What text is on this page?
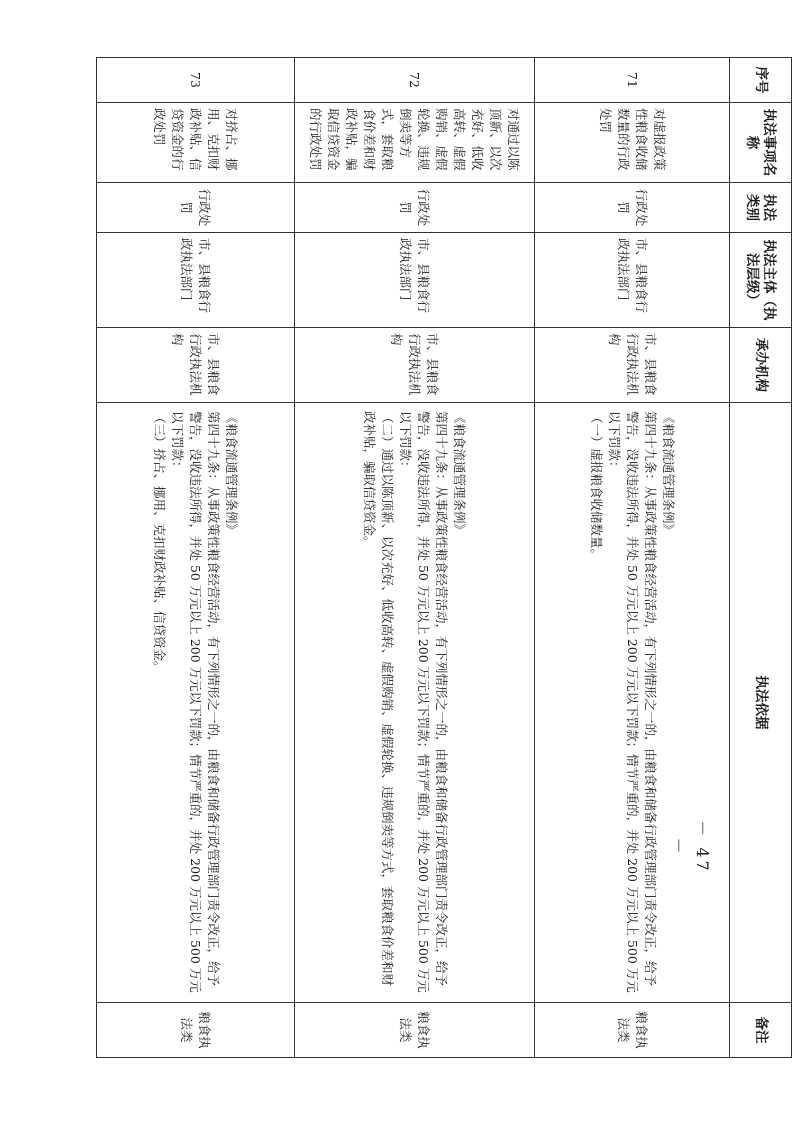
序号	执法事项名称	执法类别	执法主体（执法层级）	承办机构	执法依据	备注
71	对虚报政策性粮食收储数量的行政处罚	行政处罚	市、县粮食行政执法部门	市、县粮食行政执法机构	《粮食流通管理条例》
第四十九条：从事政策性粮食经营活动，有下列情形之一的，由粮食和储备行政管理部门责令改正，给予警告，没收违法所得，并处 50 万元以上 200 万元以下罚款；情节严重的，并处 200 万元以上 500 万元以下罚款：
（一）虚报粮食收储数量。	粮食执法类
72	对通过以陈顶新、以次充好、低收高转、虚假购销、虚假轮换、违规倒卖等方式，套取粮食价差和财政补贴，骗取信贷资金的行政处罚	行政处罚	市、县粮食行政执法部门	市、县粮食行政执法机构	《粮食流通管理条例》
第四十九条：从事政策性粮食经营活动，有下列情形之一的，由粮食和储备行政管理部门责令改正，给予警告，没收违法所得，并处 50 万元以上 200 万元以下罚款；情节严重的，并处 200 万元以上 500 万元以下罚款：
（二）通过以陈顶新、以次充好、低收高转、虚假购销、虚假轮换、违规倒卖等方式，套取粮食价差和财政补贴，骗取信贷资金。	粮食执法类
73	对挤占、挪用、克扣财政补贴、信贷资金的行政处罚	行政处罚	市、县粮食行政执法部门	市、县粮食行政执法机构	《粮食流通管理条例》
第四十九条：从事政策性粮食经营活动，有下列情形之一的，由粮食和储备行政管理部门责令改正，给予警告，没收违法所得，并处 50 万元以上 200 万元以下罚款；情节严重的，并处 200 万元以上 500 万元以下罚款：
（三）挤占、挪用、克扣财政补贴、信贷资金。	粮食执法类
－ 47 －
